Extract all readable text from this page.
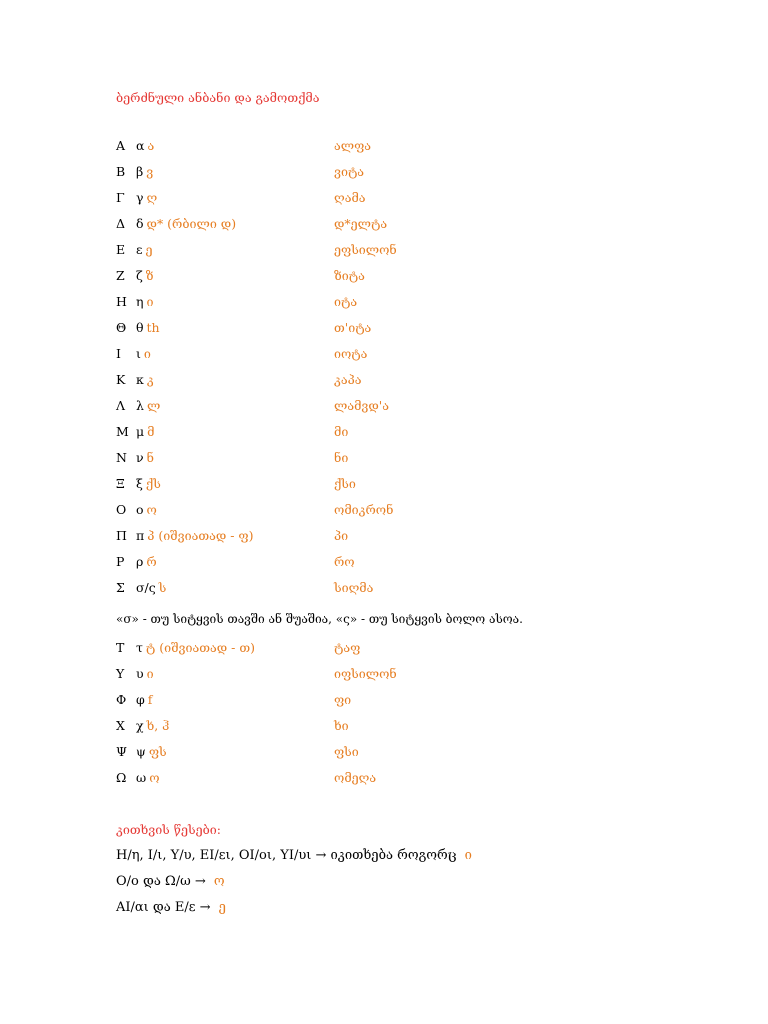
ბერძნული ანბანი და გამოთქმა
Α α ა	ალფა
Β β ვ	ვიტა
Γ γ ღ	ღამა
Δ δ დ* (რბილი დ)	დ*ელტა
Ε ε ე	ეფსილონ
Ζ ζ ზ	ზიტა
Η η ი	იტა
Θ θ th	თ'იტა
Ι ι ი	იოტა
Κ κ კ	კაპა
Λ λ ლ	ლამვდ'ა
Μ μ მ	მი
Ν ν ნ	ნი
Ξ ξ ქს	ქსი
Ο ο ო	ომიკრონ
Π π პ (იშვიათად - ფ)	პი
Ρ ρ რ	რო
Σ σ/ς ს	სიღმა
«σ» - თუ სიტყვის თავში ან შუაშია, «ς» - თუ სიტყვის ბოლო ასოა.
Τ τ ტ (იშვიათად - თ)	ტაფ
Υ υ ი	იფსილონ
Φ φ f	ფი
Χ χ ხ, ჰ	ხი
Ψ ψ ფს	ფსი
Ω ω ო	ომეღა
კითხვის წესები:
Η/η, Ι/ι, Υ/υ, ΕΙ/ει, ΟΙ/οι, ΥΙ/υι → იკითხება როგორც ი
Ο/ο და Ω/ω → ო
ΑΙ/αι და Ε/ε → ე
